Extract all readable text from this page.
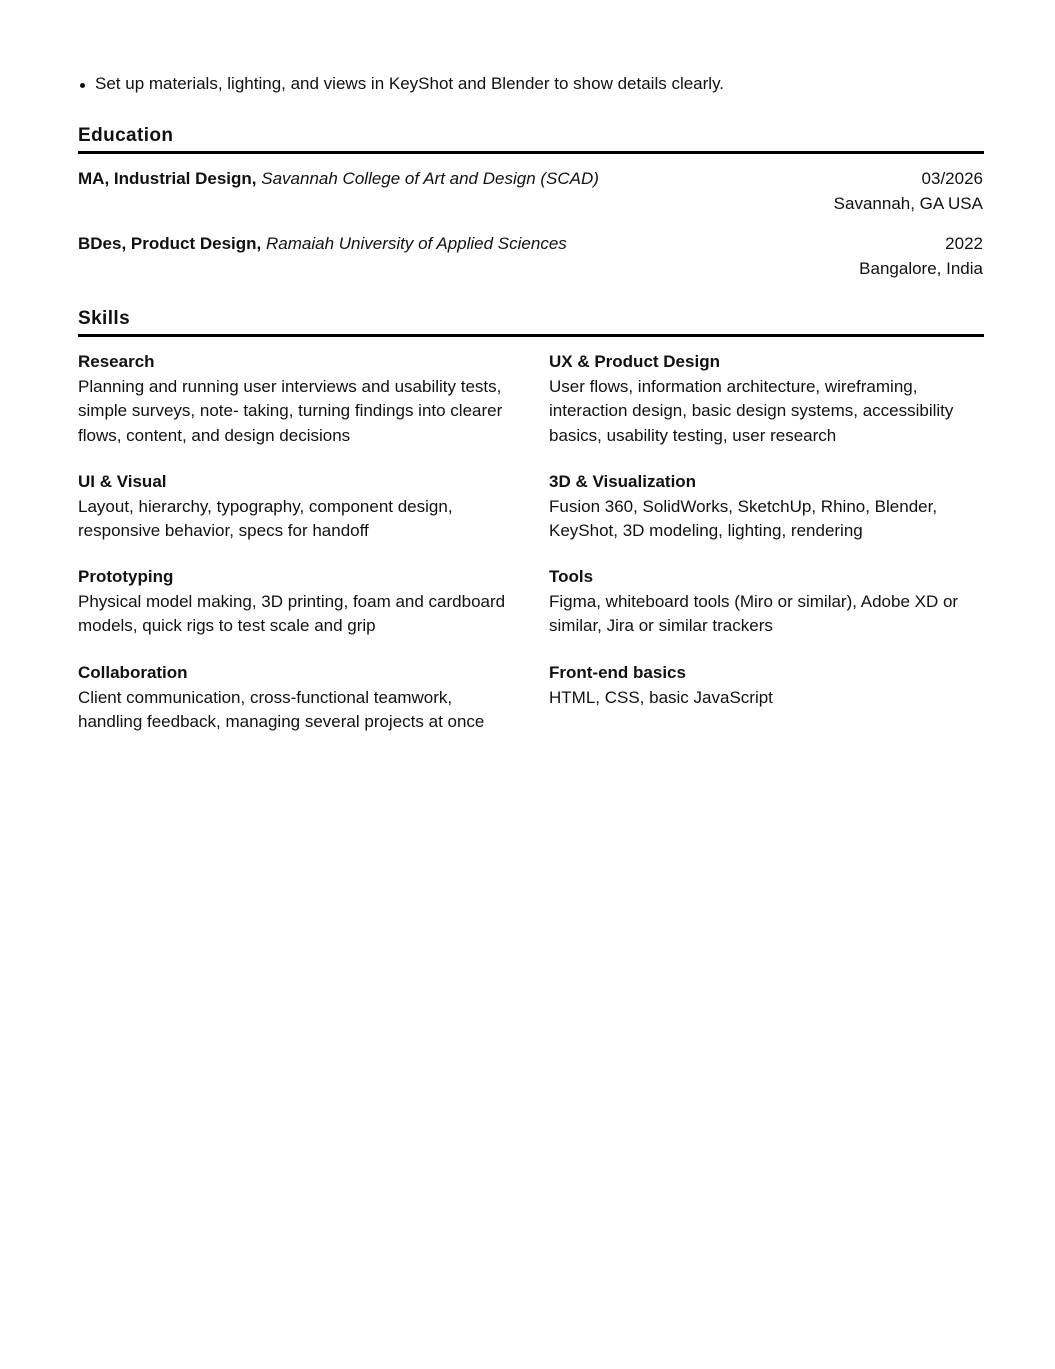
Set up materials, lighting, and views in KeyShot and Blender to show details clearly.
Education
MA, Industrial Design, Savannah College of Art and Design (SCAD)	03/2026
Savannah, GA USA
BDes, Product Design, Ramaiah University of Applied Sciences	2022
Bangalore, India
Skills
Research

Planning and running user interviews and usability tests, simple surveys, note- taking, turning findings into clearer flows, content, and design decisions

UX & Product Design

User flows, information architecture, wireframing, interaction design, basic design systems, accessibility basics, usability testing, user research

UI & Visual

Layout, hierarchy, typography, component design, responsive behavior, specs for handoff

3D & Visualization

Fusion 360, SolidWorks, SketchUp, Rhino, Blender, KeyShot, 3D modeling, lighting, rendering

Prototyping

Physical model making, 3D printing, foam and cardboard models, quick rigs to test scale and grip

Tools

Figma, whiteboard tools (Miro or similar), Adobe XD or similar, Jira or similar trackers

Collaboration

Client communication, cross-functional teamwork, handling feedback, managing several projects at once

Front-end basics

HTML, CSS, basic JavaScript
